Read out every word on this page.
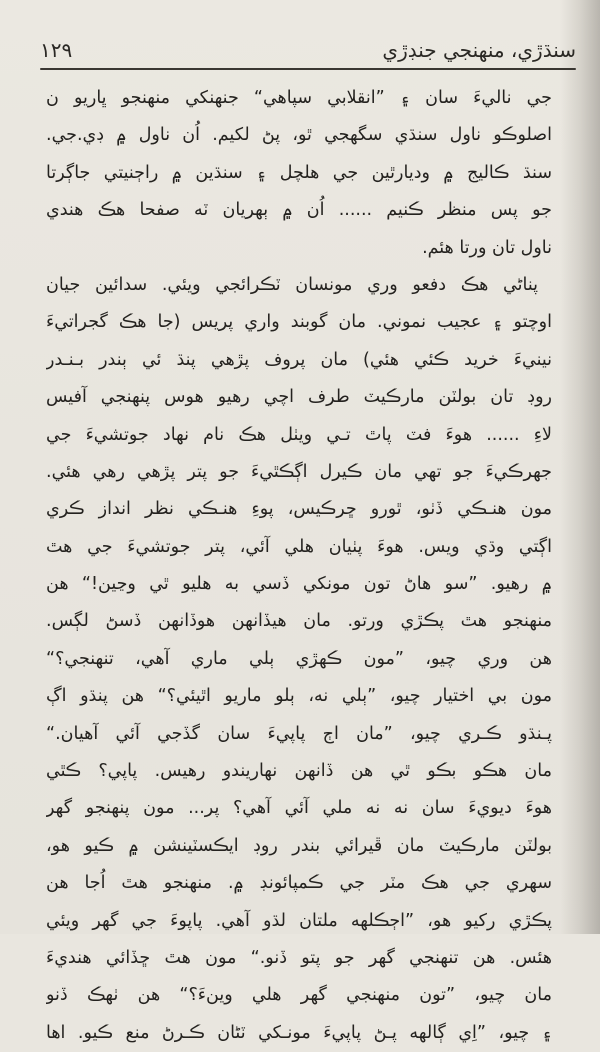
١٢٩	سنڌڙي، منهنجي جنڊڙي
جي ناليءَ سان ۽ ”انقلابي سپاهي“ جنهنکي منهنجو ڀاريو ن
اصلوڪو ناول سنڌي سگهجي ٿو، پڻ لکيم. اُن ناول ۾ ڊي.جي.
سنڌ ڪاليج ۾ وديارٿين جي هلچل ۽ سنڌين ۾ راڄنيتي جاڳرتا
جو پس منظر ڪنيم ...... اُن ۾ ٻهريان ٽه صفحا هڪ هندي
ناول تان ورتا هئم.
پناڻي هڪ دفعو وري مونسان ٽڪرائجي ويئي. سدائين جيان
اوچتو ۽ عجيب نموني. مان گوبند واري پريس (جا هڪ گجراتيءَ
نينيءَ خريد ڪئي هئي) مان پروف پڙهي پنڌ ئي ٻندر بـنـدر
روڊ تان بولٽن مارڪيٽ طرف اچي رهيو هوس پنهنجي آفيس
لاءِ ...... هوءَ فٽ پاٿ تـي ويٺل هڪ نام نهاد جوتشيءَ جي
جهرڪيءَ جو تهي مان ڪيرل اڳڪٿيءَ جو پتر پڙهي رهي هئي.
مون هنـڪي ڏٺو، ٿورو ڇرڪيس، پوءِ هنـڪي نظر انداز ڪري
اڳتي وڌي ويس. هوءَ پٺيان هلي آئي، پتر جوتشيءَ جي هٿ
۾ رهيو. ”سو هاڻ تون مونکي ڏسي به هليو ٿي وڃين!“ هن
منهنجو هٿ پڪڙي ورتو. مان هيڏانهن هوڏانهن ڏسڻ لڳس.
هن وري چيو، ”مون ڪهڙي ٻلي ماري آهي، تنهنجي؟“
مون بي اختيار چيو، ”ٻلي نه، ٻلو ماريو اٿيئي؟“ هن پنڌو اڳ
پـنڌو ڪـري چيو، ”مان اڄ پاپيءَ سان گڏجي آئي آهيان.“
مان هڪو بڪو ٿي هن ڏانهن نهاريندو رهيس. پاپي؟ ڪٿي
هوءَ ديويءَ سان نه نه ملي آئي آهي؟ پر... مون پنهنجو گهر
بولٽن مارڪيٽ مان ڦيرائي بندر روڊ ايڪسٽينشن ۾ ڪيو هو،
سهري جي هڪ مٽر جي ڪمپائونڊ ۾. منهنجو هٿ اُجا هن
پڪڙي رکيو هو، ”اڄڪلهه ملتان لڌو آهي. پاپوءَ جي گهر ويئي
هئس. هن تنهنجي گهر جو پتو ڏنو.“ مون هٿ ڇڏائي هنديءَ
مان چيو، ”تون منهنجي گهر هلي وينءَ؟“ هن ٺهڪ ڏنو
۽ چيو، ”اِي ڳالهه پـڻ پاپيءَ مونـکي ٽڻان ڪـرڻ منع ڪيو. اها
